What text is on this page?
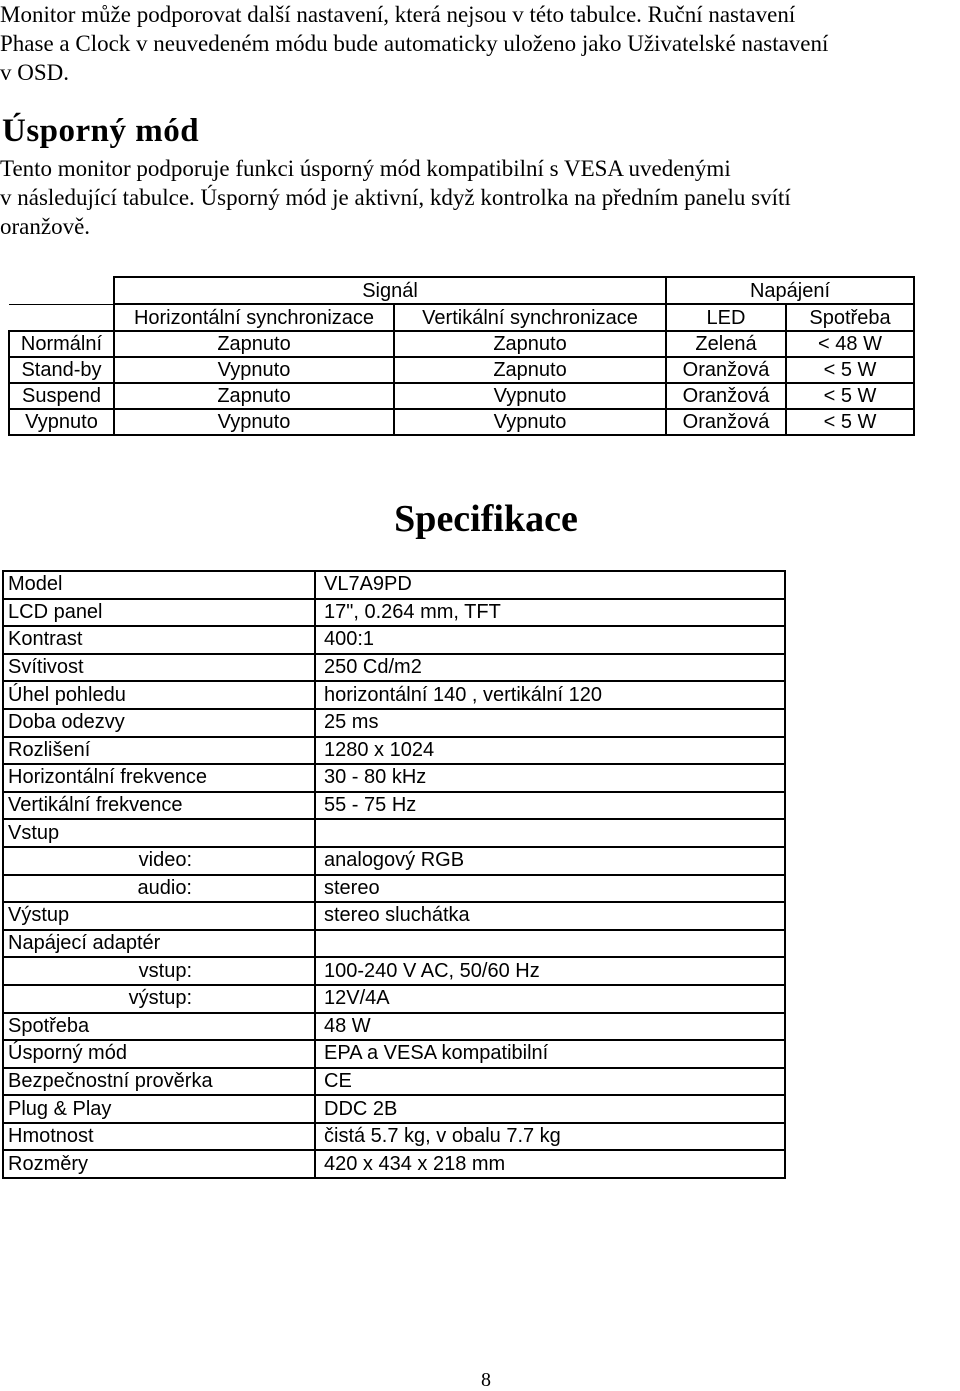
Monitor může podporovat další nastavení, která nejsou v této tabulce. Ruční nastavení
Phase a Clock v neuvedeném módu bude automaticky uloženo jako Uživatelské nastavení
v OSD.
Úsporný mód
Tento monitor podporuje funkci úsporný mód kompatibilní s VESA uvedenými
v následující tabulce. Úsporný mód je aktivní, když kontrolka na předním panelu svítí
oranžově.
	Signál		Napájení	
	Horizontální synchronizace	Vertikální synchronizace	LED	Spotřeba
Normální	Zapnuto	Zapnuto	Zelená	< 48 W
Stand-by	Vypnuto	Zapnuto	Oranžová	< 5 W
Suspend	Zapnuto	Vypnuto	Oranžová	< 5 W
Vypnuto	Vypnuto	Vypnuto	Oranžová	< 5 W
Specifikace
Model	VL7A9PD
LCD panel	17", 0.264 mm, TFT
Kontrast	400:1
Svítivost	250 Cd/m2
Úhel pohledu	horizontální 140 , vertikální 120
Doba odezvy	25 ms
Rozlišení	1280 x 1024
Horizontální frekvence	30 - 80 kHz
Vertikální frekvence	55 - 75 Hz
Vstup	
video:	analogový RGB
audio:	stereo
Výstup	stereo sluchátka
Napájecí adaptér	
vstup:	100-240 V AC, 50/60 Hz
výstup:	12V/4A
Spotřeba	48 W
Úsporný mód	EPA a VESA kompatibilní
Bezpečnostní prověrka	CE
Plug & Play	DDC 2B
Hmotnost	čistá 5.7 kg, v obalu 7.7 kg
Rozměry	420 x 434 x 218 mm
8
